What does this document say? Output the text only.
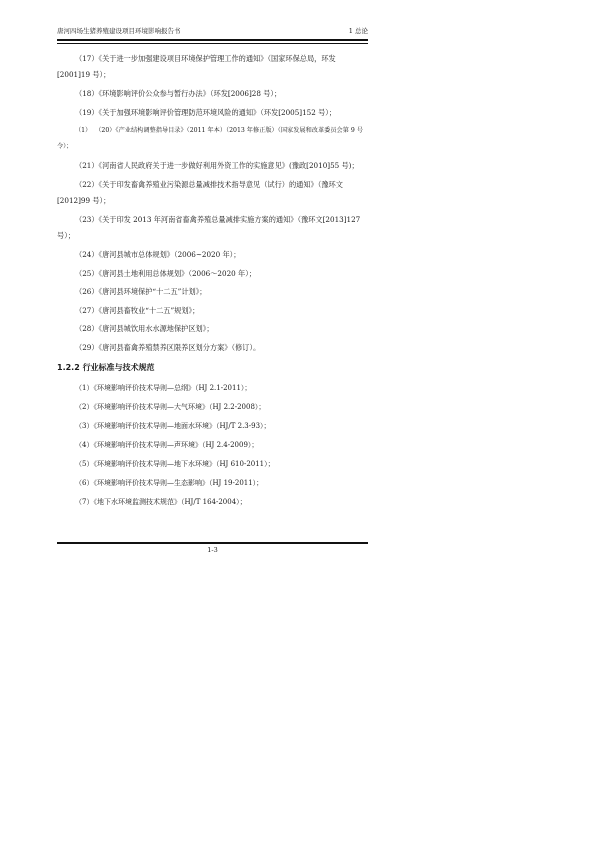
唐河四场生猪养殖建设项目环境影响报告书	1 总论

（17）《关于进一步加强建设项目环境保护管理工作的通知》（国家环保总局，环发[2001]19 号）；

（18）《环境影响评价公众参与暂行办法》（环发[2006]28 号）；

（19）《关于加强环境影响评价管理防范环境风险的通知》（环发[2005]152 号）；

（1）  （20）《产业结构调整指导目录》（2011 年本）（2013 年修正版）（国家发展和改革委员会第 9 号令）；

（21）《河南省人民政府关于进一步做好利用外资工作的实施意见》(豫政[2010]55 号)；

（22）《关于印发畜禽养殖业污染源总量减排技术指导意见（试行）的通知》（豫环文[2012]99 号）；

（23）《关于印发 2013 年河南省畜禽养殖总量减排实施方案的通知》（豫环文[2013]127 号）；

（24）《唐河县城市总体规划》（2006~2020 年）；

（25）《唐河县土地利用总体规划》（2006～2020 年）；

（26）《唐河县环境保护“十二五”计划》；

（27）《唐河县畜牧业“十二五”规划》；

（28）《唐河县城饮用水水源地保护区划》；

（29）《唐河县畜禽养殖禁养区限养区划分方案》（修订）。

1.2.2 行业标准与技术规范

（1）《环境影响评价技术导则—总纲》（HJ 2.1-2011）；

（2）《环境影响评价技术导则—大气环境》（HJ 2.2-2008）；

（3）《环境影响评价技术导则—地面水环境》（HJ/T 2.3-93）；

（4）《环境影响评价技术导则—声环境》（HJ 2.4-2009）；

（5）《环境影响评价技术导则—地下水环境》（HJ 610-2011）；

（6）《环境影响评价技术导则—生态影响》（HJ 19-2011）；

（7）《地下水环境监测技术规范》（HJ/T 164-2004）；

1-3
